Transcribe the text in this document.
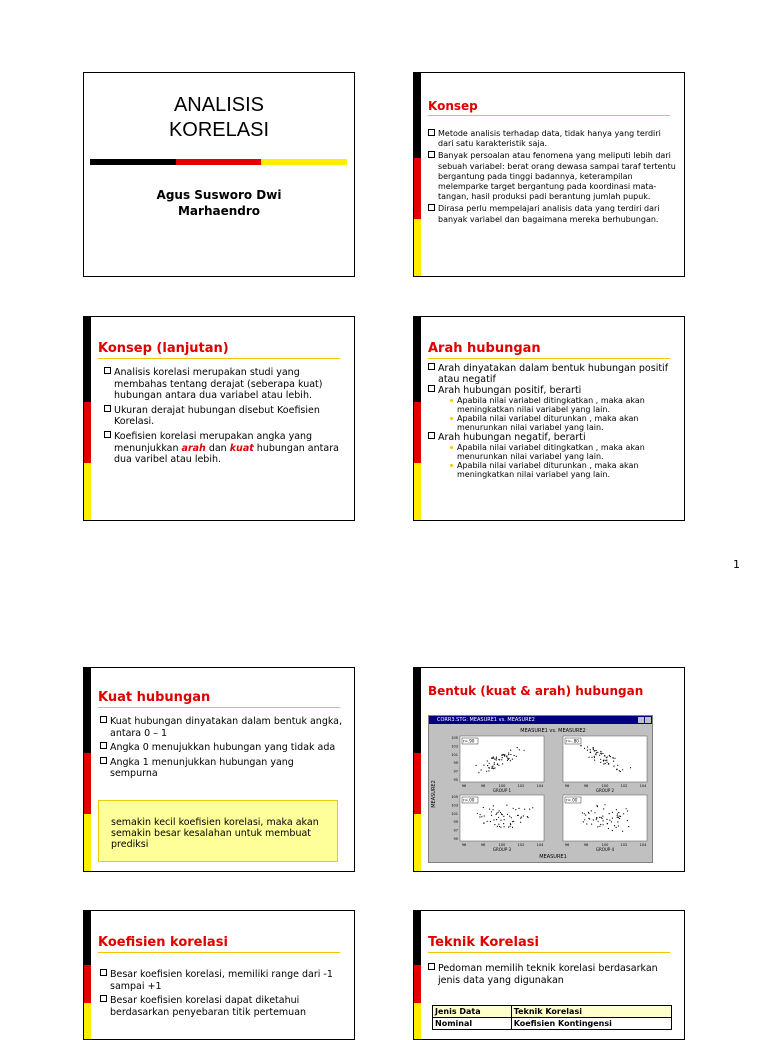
ANALISIS
KORELASI
Agus Susworo Dwi
Marhaendro
Konsep
Metode analisis terhadap data, tidak hanya yang terdiri dari satu karakteristik saja.
Banyak persoalan atau fenomena yang meliputi lebih dari sebuah variabel: berat orang dewasa sampai taraf tertentu bergantung pada tinggi badannya, keterampilan melemparke target bergantung pada koordinasi mata-tangan, hasil produksi padi berantung jumlah pupuk.
Dirasa perlu mempelajari analisis data yang terdiri dari banyak variabel dan bagaimana mereka berhubungan.
Konsep (lanjutan)
Analisis korelasi merupakan studi yang membahas tentang derajat (seberapa kuat) hubungan antara dua variabel atau lebih.
Ukuran derajat hubungan disebut Koefisien Korelasi.
Koefisien korelasi merupakan angka yang menunjukkan arah dan kuat hubungan antara dua varibel atau lebih.
Arah hubungan
Arah dinyatakan dalam bentuk hubungan positif atau negatif
Arah hubungan positif, berarti
Apabila nilai variabel ditingkatkan , maka akan meningkatkan nilai variabel yang lain.
Apabila nilai variabel diturunkan , maka akan menurunkan nilai variabel yang lain.
Arah hubungan negatif, berarti
Apabila nilai variabel ditingkatkan , maka akan menurunkan nilai variabel yang lain.
Apabila nilai variabel diturunkan , maka akan meningkatkan nilai variabel yang lain.
1
Kuat hubungan
Kuat hubungan dinyatakan dalam bentuk angka, antara 0 – 1
Angka 0 menujukkan hubungan yang tidak ada
Angka 1 menunjukkan hubungan yang sempurna
semakin kecil koefisien korelasi, maka akan semakin besar kesalahan untuk membuat prediksi
Bentuk (kuat & arah) hubungan
CORR3.STG: MEASURE1 vs. MEASURE2
MEASURE1 vs. MEASURE2
MEASURE1
MEASURE2
r=.90
GROUP 1
96	98	100	102	104
105
103
101
99
97
95
r=-.80
GROUP 2
96	98	100	102	104
r=.00
GROUP 3
96	98	100	102	104
105
103
101
99
97
95
r=.00
GROUP 4
96	98	100	102	104
Koefisien korelasi
Besar koefisien korelasi, memiliki range dari -1 sampai +1
Besar koefisien korelasi dapat diketahui berdasarkan penyebaran titik pertemuan
Teknik Korelasi
Pedoman memilih teknik korelasi berdasarkan jenis data yang digunakan
Jenis Data	Teknik Korelasi
Nominal	Koefisien Kontingensi
